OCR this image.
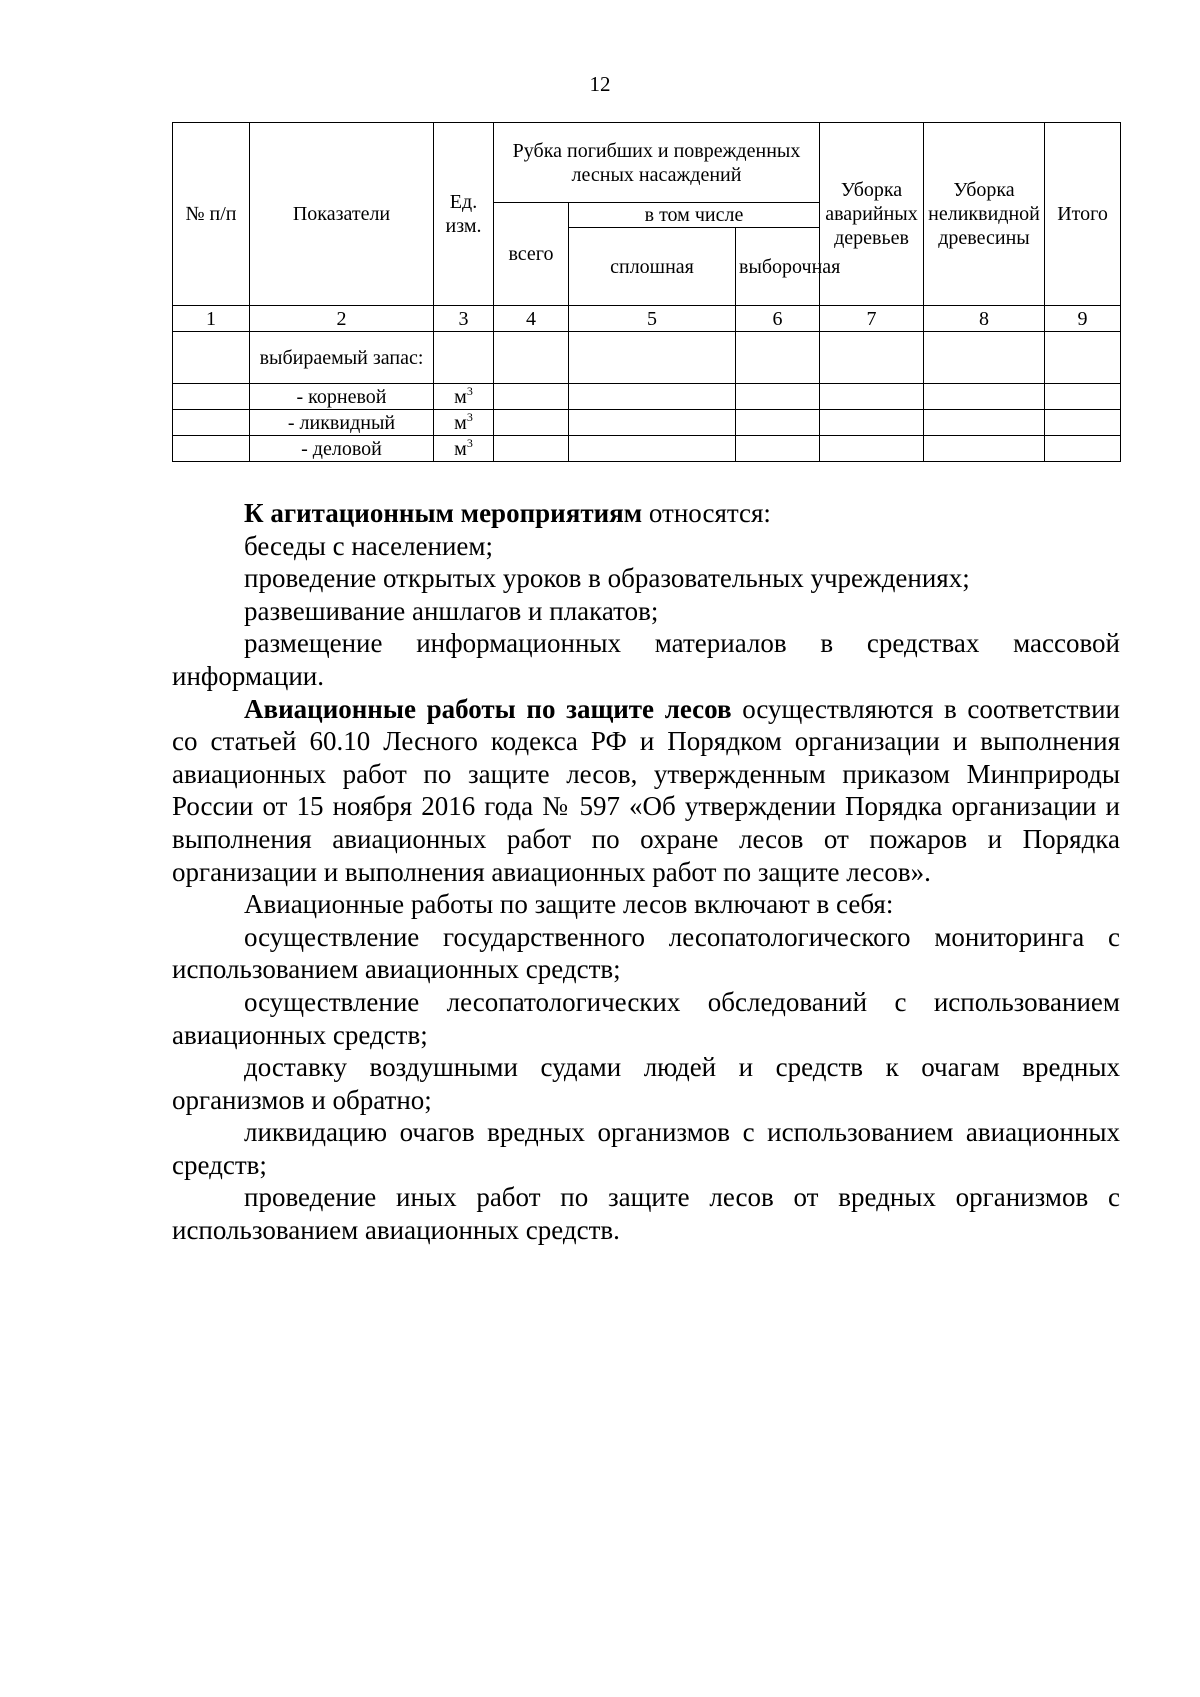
12
№ п/п	Показатели	Ед. изм.	Рубка погибших и поврежденных лесных насаждений			Уборка аварийных деревьев	Уборка неликвидной древесины	Итого
			всего	в том числе				
				сплошная	выборочная			
1	2	3	4	5	6	7	8	9
	выбираемый запас:							
	- корневой	$м^3$						
	- ликвидный	$м^3$						
	- деловой	$м^3$						

К агитационным мероприятиям относятся:

беседы с населением;

проведение открытых уроков в образовательных учреждениях;

развешивание аншлагов и плакатов;

размещение информационных материалов в средствах массовой информации.

Авиационные работы по защите лесов осуществляются в соответствии со статьей 60.10 Лесного кодекса РФ и Порядком организации и выполнения авиационных работ по защите лесов, утвержденным приказом Минприроды России от 15 ноября 2016 года № 597 «Об утверждении Порядка организации и выполнения авиационных работ по охране лесов от пожаров и Порядка организации и выполнения авиационных работ по защите лесов».

Авиационные работы по защите лесов включают в себя:

осуществление государственного лесопатологического мониторинга с использованием авиационных средств;

осуществление лесопатологических обследований с использованием авиационных средств;

доставку воздушными судами людей и средств к очагам вредных организмов и обратно;

ликвидацию очагов вредных организмов с использованием авиационных средств;

проведение иных работ по защите лесов от вредных организмов с использованием авиационных средств.
